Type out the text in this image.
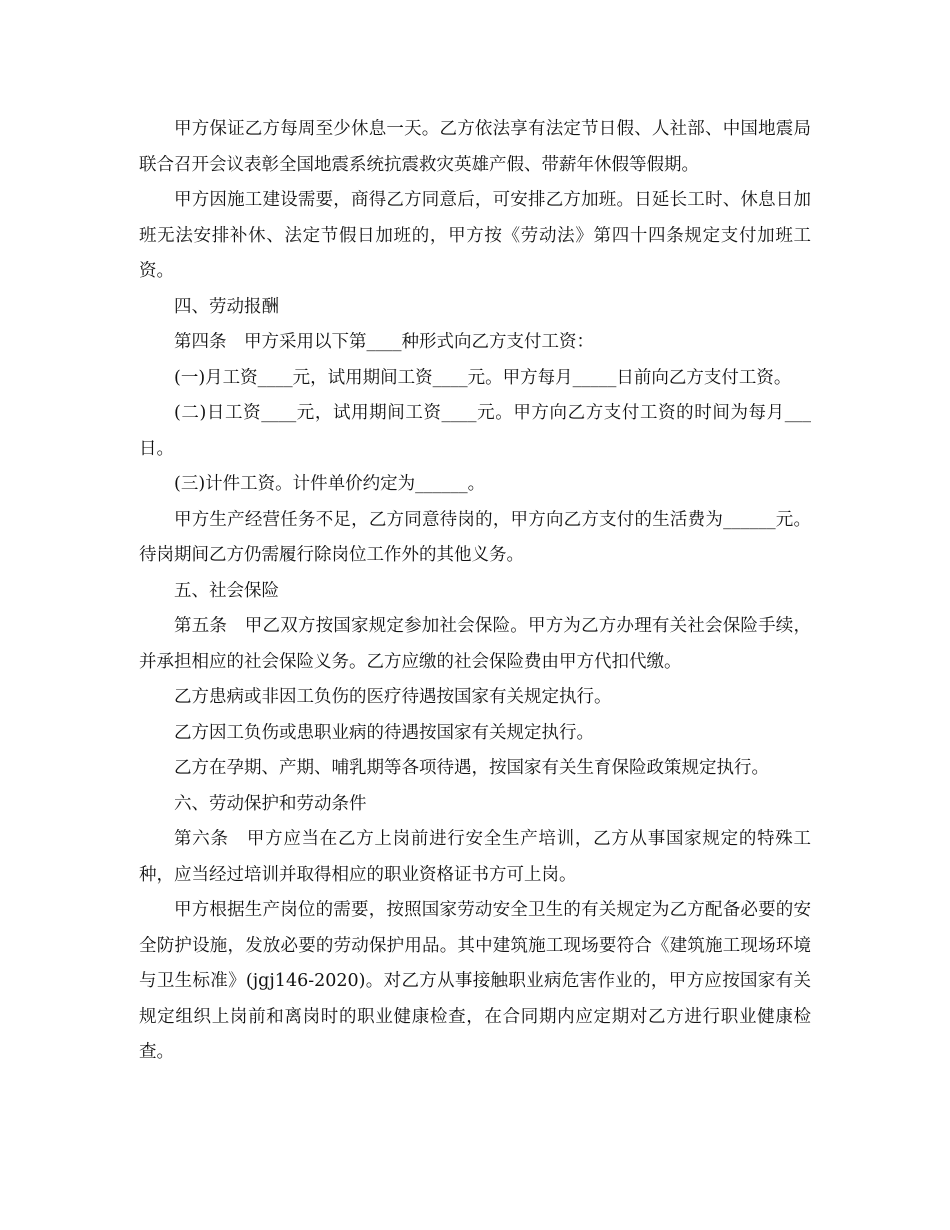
甲方保证乙方每周至少休息一天。乙方依法享有法定节日假、人社部、中国地震局联合召开会议表彰全国地震系统抗震救灾英雄产假、带薪年休假等假期。

甲方因施工建设需要，商得乙方同意后，可安排乙方加班。日延长工时、休息日加班无法安排补休、法定节假日加班的，甲方按《劳动法》第四十四条规定支付加班工资。

四、劳动报酬

第四条　甲方采用以下第____种形式向乙方支付工资：

(一)月工资____元，试用期间工资____元。甲方每月_____日前向乙方支付工资。

(二)日工资____元，试用期间工资____元。甲方向乙方支付工资的时间为每月___日。

(三)计件工资。计件单价约定为______。

甲方生产经营任务不足，乙方同意待岗的，甲方向乙方支付的生活费为______元。待岗期间乙方仍需履行除岗位工作外的其他义务。

五、社会保险

第五条　甲乙双方按国家规定参加社会保险。甲方为乙方办理有关社会保险手续，并承担相应的社会保险义务。乙方应缴的社会保险费由甲方代扣代缴。

乙方患病或非因工负伤的医疗待遇按国家有关规定执行。

乙方因工负伤或患职业病的待遇按国家有关规定执行。

乙方在孕期、产期、哺乳期等各项待遇，按国家有关生育保险政策规定执行。

六、劳动保护和劳动条件

第六条　甲方应当在乙方上岗前进行安全生产培训，乙方从事国家规定的特殊工种，应当经过培训并取得相应的职业资格证书方可上岗。

甲方根据生产岗位的需要，按照国家劳动安全卫生的有关规定为乙方配备必要的安全防护设施，发放必要的劳动保护用品。其中建筑施工现场要符合《建筑施工现场环境与卫生标准》(jgj146-2020)。对乙方从事接触职业病危害作业的，甲方应按国家有关规定组织上岗前和离岗时的职业健康检查，在合同期内应定期对乙方进行职业健康检查。
